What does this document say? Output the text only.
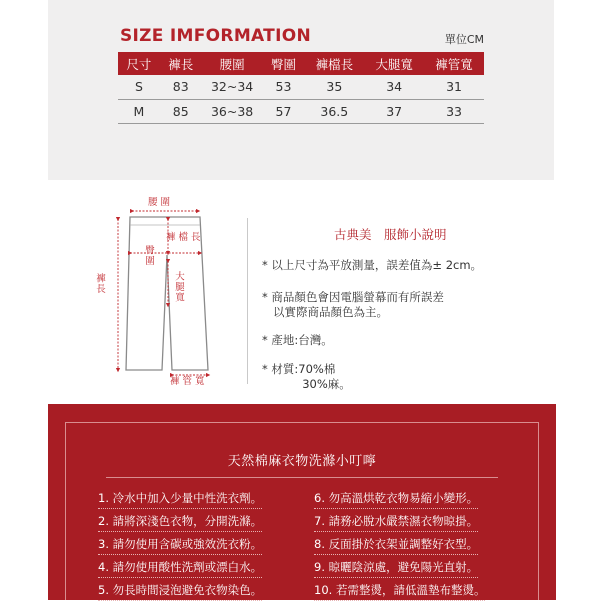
SIZE IMFORMATION	單位CM
尺寸	褲長	腰圍	臀圍	褲檔長	大腿寬	褲管寬
S	83	32~34	53	35	34	31
M	85	36~38	57	36.5	37	33
腰 圍
褲 檔 長
臀圍
大腿寬
褲長
褲 管 寬
古典美　服飾小說明
* 以上尺寸為平放測量，誤差值為± 2cm。
* 商品顏色會因電腦螢幕而有所誤差
以實際商品顏色為主。
* 產地:台灣。
* 材質:70%棉
30%麻。
天然棉麻衣物洗滌小叮嚀
1. 冷水中加入少量中性洗衣劑。
2. 請將深淺色衣物，分開洗滌。
3. 請勿使用含碳或強效洗衣粉。
4. 請勿使用酸性洗劑或漂白水。
5. 勿長時間浸泡避免衣物染色。
6. 勿高溫烘乾衣物易縮小變形。
7. 請務必脫水嚴禁濕衣物晾掛。
8. 反面掛於衣架並調整好衣型。
9. 晾曬陰涼處，避免陽光直射。
10. 若需整燙，請低溫墊布整燙。
